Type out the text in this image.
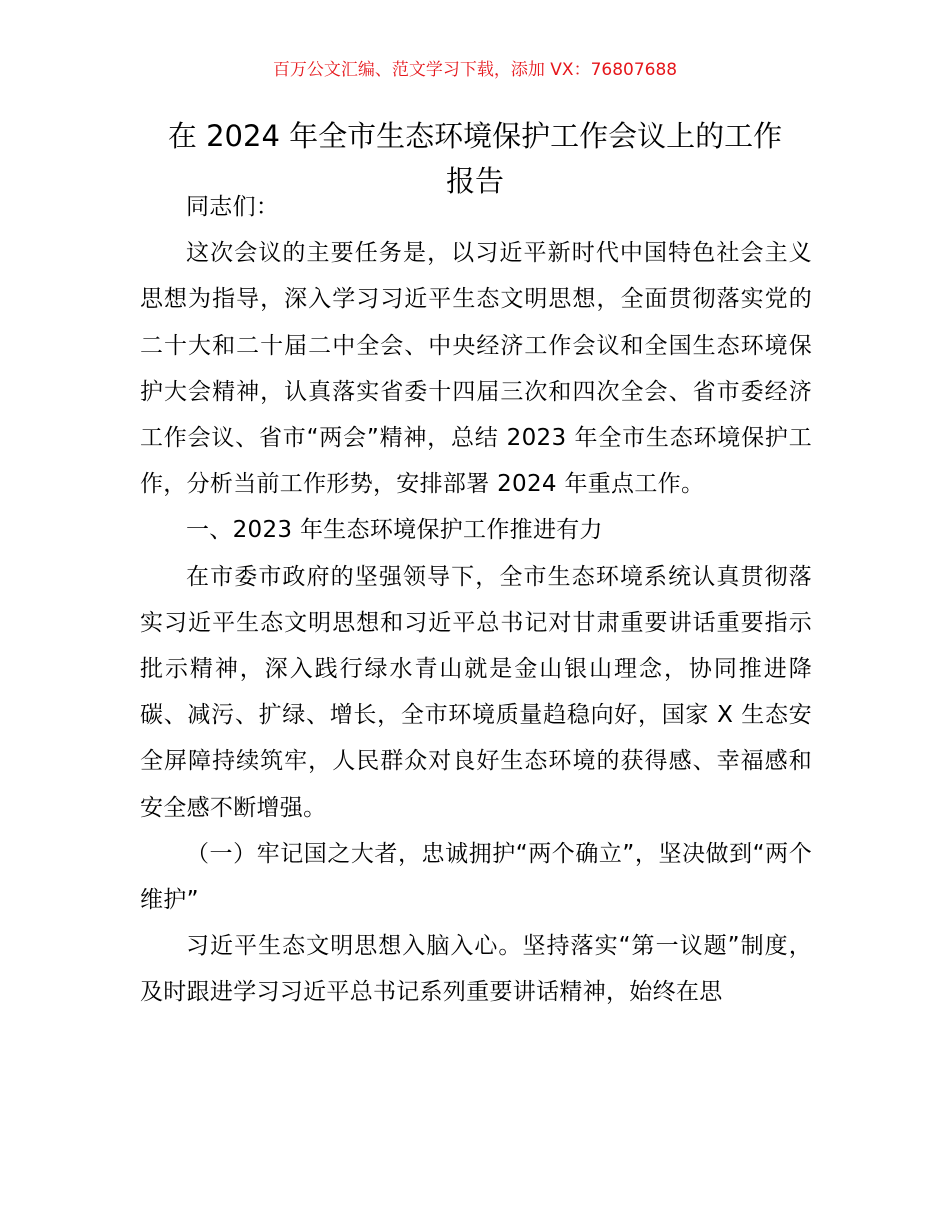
百万公文汇编、范文学习下载，添加 VX：76807688
在 2024 年全市生态环境保护工作会议上的工作
报告

同志们：

这次会议的主要任务是，以习近平新时代中国特色社会主义思想为指导，深入学习习近平生态文明思想，全面贯彻落实党的二十大和二十届二中全会、中央经济工作会议和全国生态环境保护大会精神，认真落实省委十四届三次和四次全会、省市委经济工作会议、省市“两会”精神，总结 2023 年全市生态环境保护工作，分析当前工作形势，安排部署 2024 年重点工作。

一、2023 年生态环境保护工作推进有力

在市委市政府的坚强领导下，全市生态环境系统认真贯彻落实习近平生态文明思想和习近平总书记对甘肃重要讲话重要指示批示精神，深入践行绿水青山就是金山银山理念，协同推进降碳、减污、扩绿、增长，全市环境质量趋稳向好，国家 X 生态安全屏障持续筑牢，人民群众对良好生态环境的获得感、幸福感和安全感不断增强。

（一）牢记国之大者，忠诚拥护“两个确立”，坚决做到“两个维护”

习近平生态文明思想入脑入心。坚持落实“第一议题”制度，及时跟进学习习近平总书记系列重要讲话精神，始终在思
